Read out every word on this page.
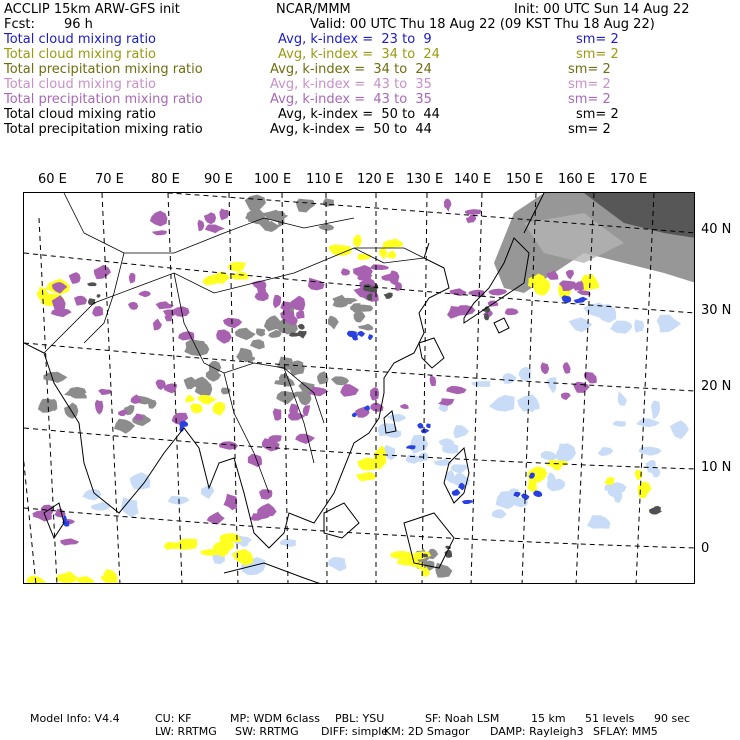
ACCLIP 15km ARW-GFS init	NCAR/MMM	Init: 00 UTC Sun 14 Aug 22
Fcst: 96 h	Valid: 00 UTC Thu 18 Aug 22 (09 KST Thu 18 Aug 22)
Total cloud mixing ratio	Avg, k-index =  23 to  9	sm= 2
Total cloud mixing ratio	Avg, k-index =  34 to  24	sm= 2
Total precipitation mixing ratio	Avg, k-index =  34 to  24	sm= 2
Total cloud mixing ratio	Avg, k-index =  43 to  35	sm= 2
Total precipitation mixing ratio	Avg, k-index =  43 to  35	sm= 2
Total cloud mixing ratio	Avg, k-index =  50 to  44	sm= 2
Total precipitation mixing ratio	Avg, k-index =  50 to  44	sm= 2
60 E 70 E 80 E 90 E 100 E 110 E 120 E 130 E 140 E 150 E 160 E 170 E
40 N
30 N
20 N
10 N
0
Model Info: V4.4	CU: KF	MP: WDM 6class PBL: YSU	SF: Noah LSM	15 km 51 levels 90 sec
LW: RRTMG SW: RRTMG DIFF: simple
KM: 2D Smagor DAMP: Rayleigh3 SFLAY: MM5
